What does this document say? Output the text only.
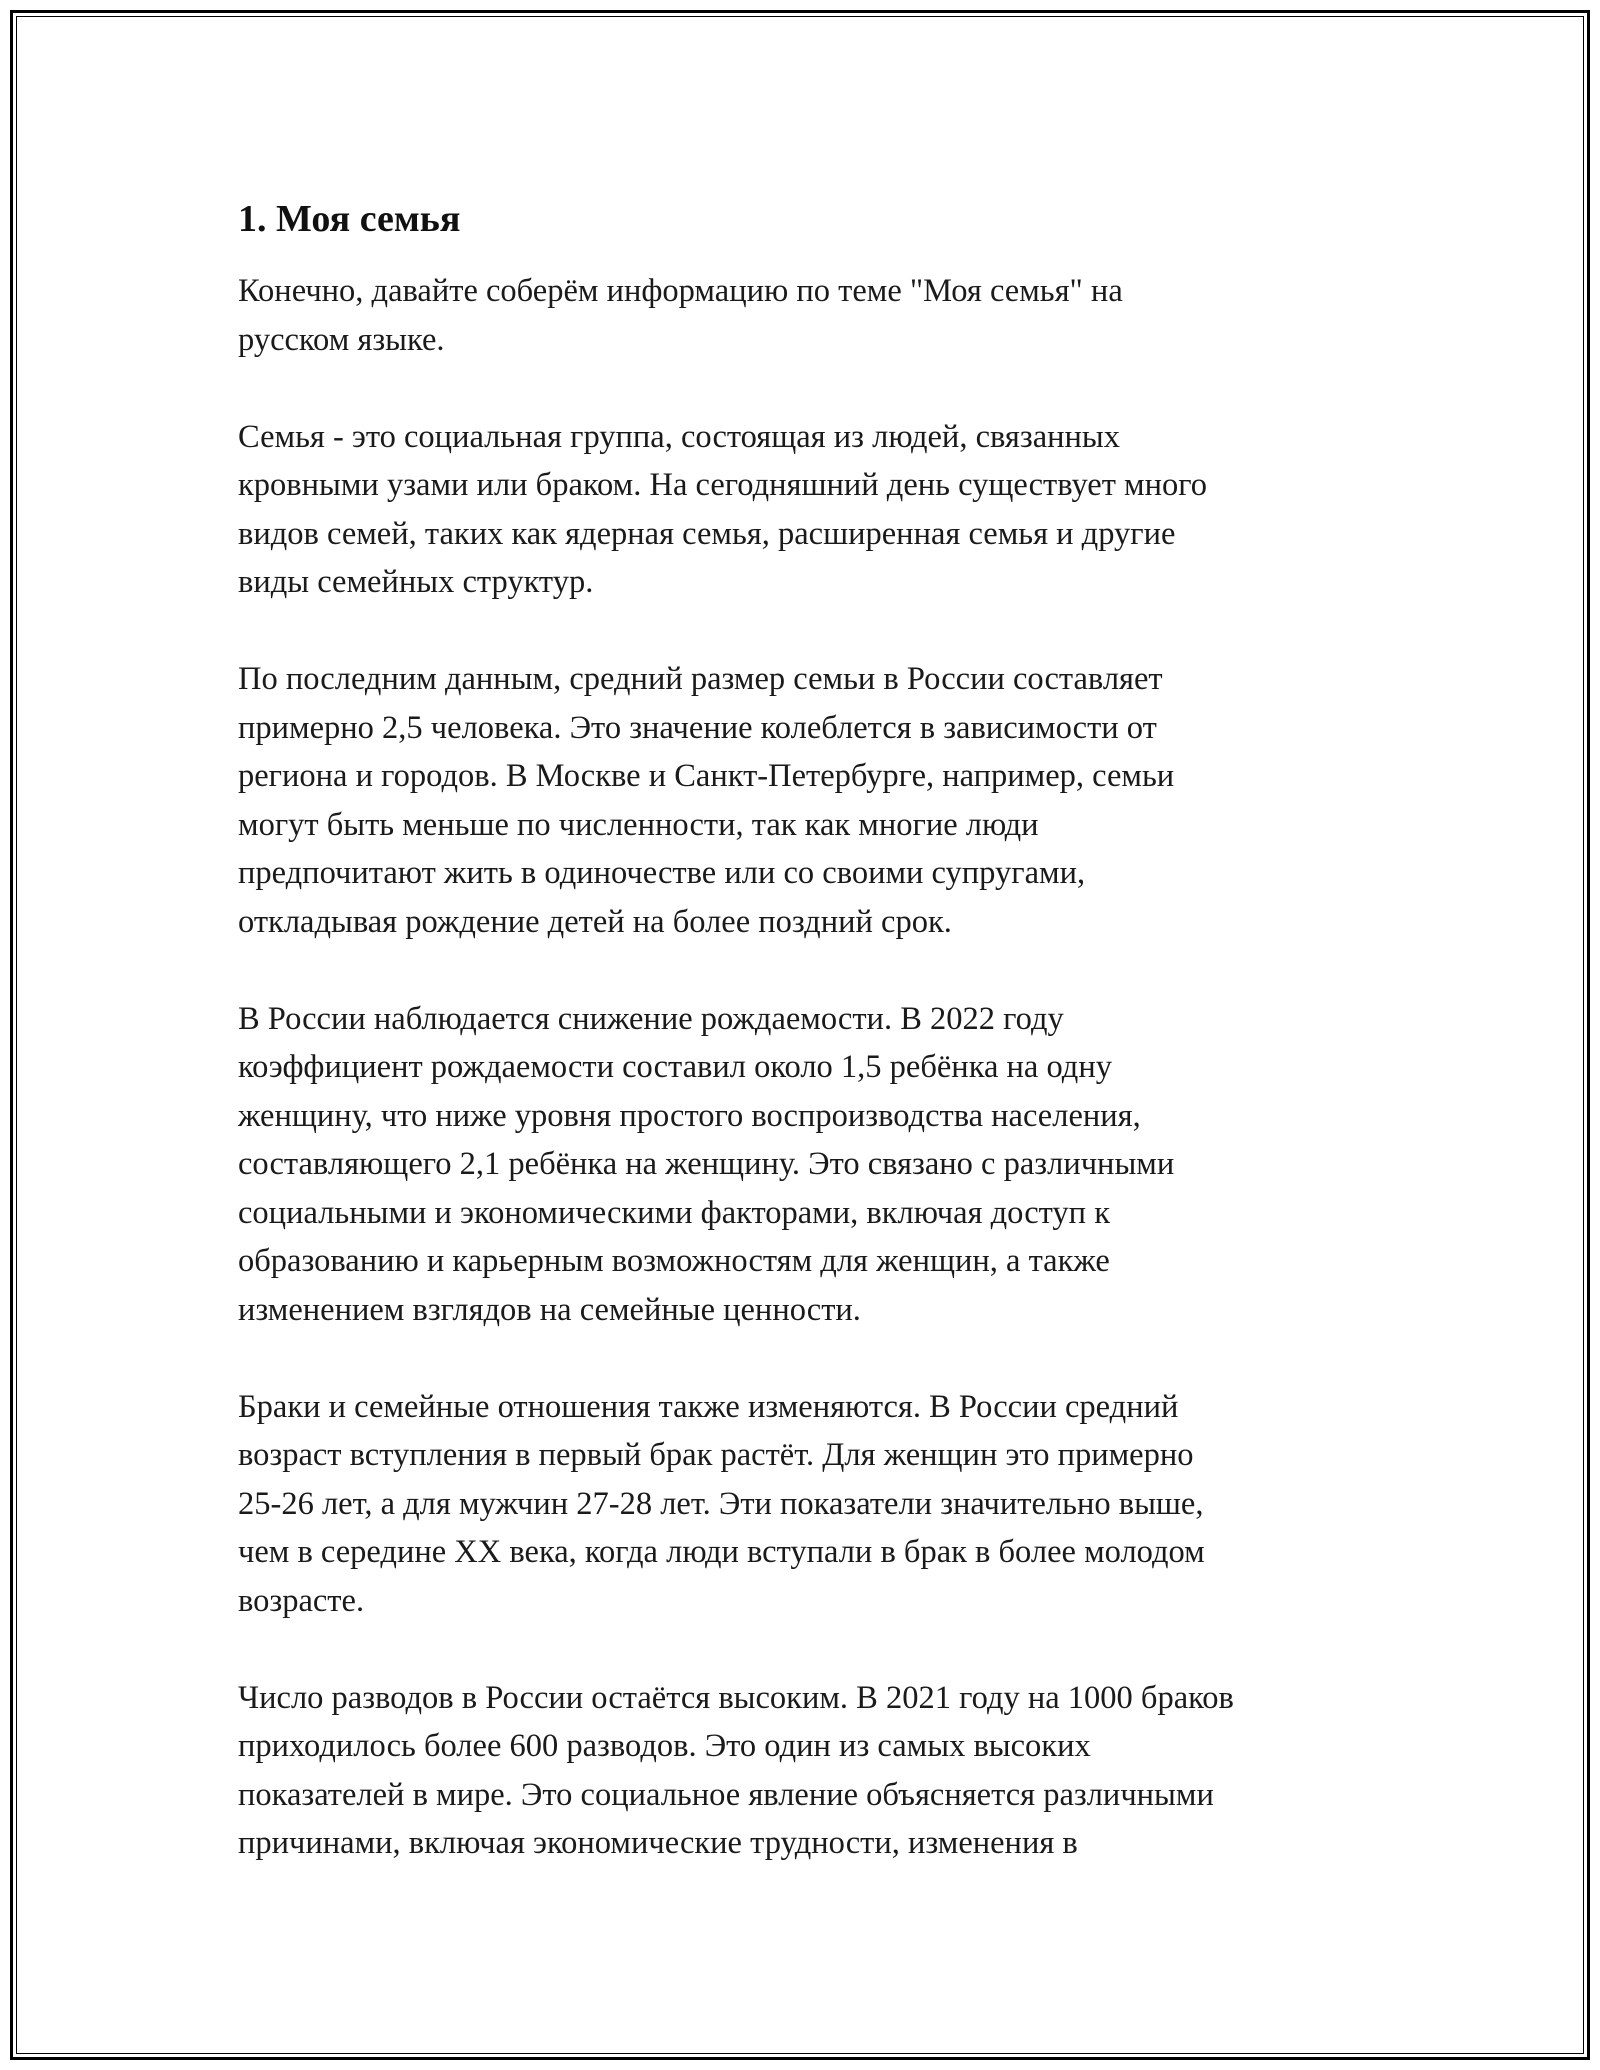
1. Моя семья

Конечно, давайте соберём информацию по теме "Моя семья" на
русском языке.

Семья - это социальная группа, состоящая из людей, связанных
кровными узами или браком. На сегодняшний день существует много
видов семей, таких как ядерная семья, расширенная семья и другие
виды семейных структур.

По последним данным, средний размер семьи в России составляет
примерно 2,5 человека. Это значение колеблется в зависимости от
региона и городов. В Москве и Санкт-Петербурге, например, семьи
могут быть меньше по численности, так как многие люди
предпочитают жить в одиночестве или со своими супругами,
откладывая рождение детей на более поздний срок.

В России наблюдается снижение рождаемости. В 2022 году
коэффициент рождаемости составил около 1,5 ребёнка на одну
женщину, что ниже уровня простого воспроизводства населения,
составляющего 2,1 ребёнка на женщину. Это связано с различными
социальными и экономическими факторами, включая доступ к
образованию и карьерным возможностям для женщин, а также
изменением взглядов на семейные ценности.

Браки и семейные отношения также изменяются. В России средний
возраст вступления в первый брак растёт. Для женщин это примерно
25-26 лет, а для мужчин 27-28 лет. Эти показатели значительно выше,
чем в середине XX века, когда люди вступали в брак в более молодом
возрасте.

Число разводов в России остаётся высоким. В 2021 году на 1000 браков
приходилось более 600 разводов. Это один из самых высоких
показателей в мире. Это социальное явление объясняется различными
причинами, включая экономические трудности, изменения в
